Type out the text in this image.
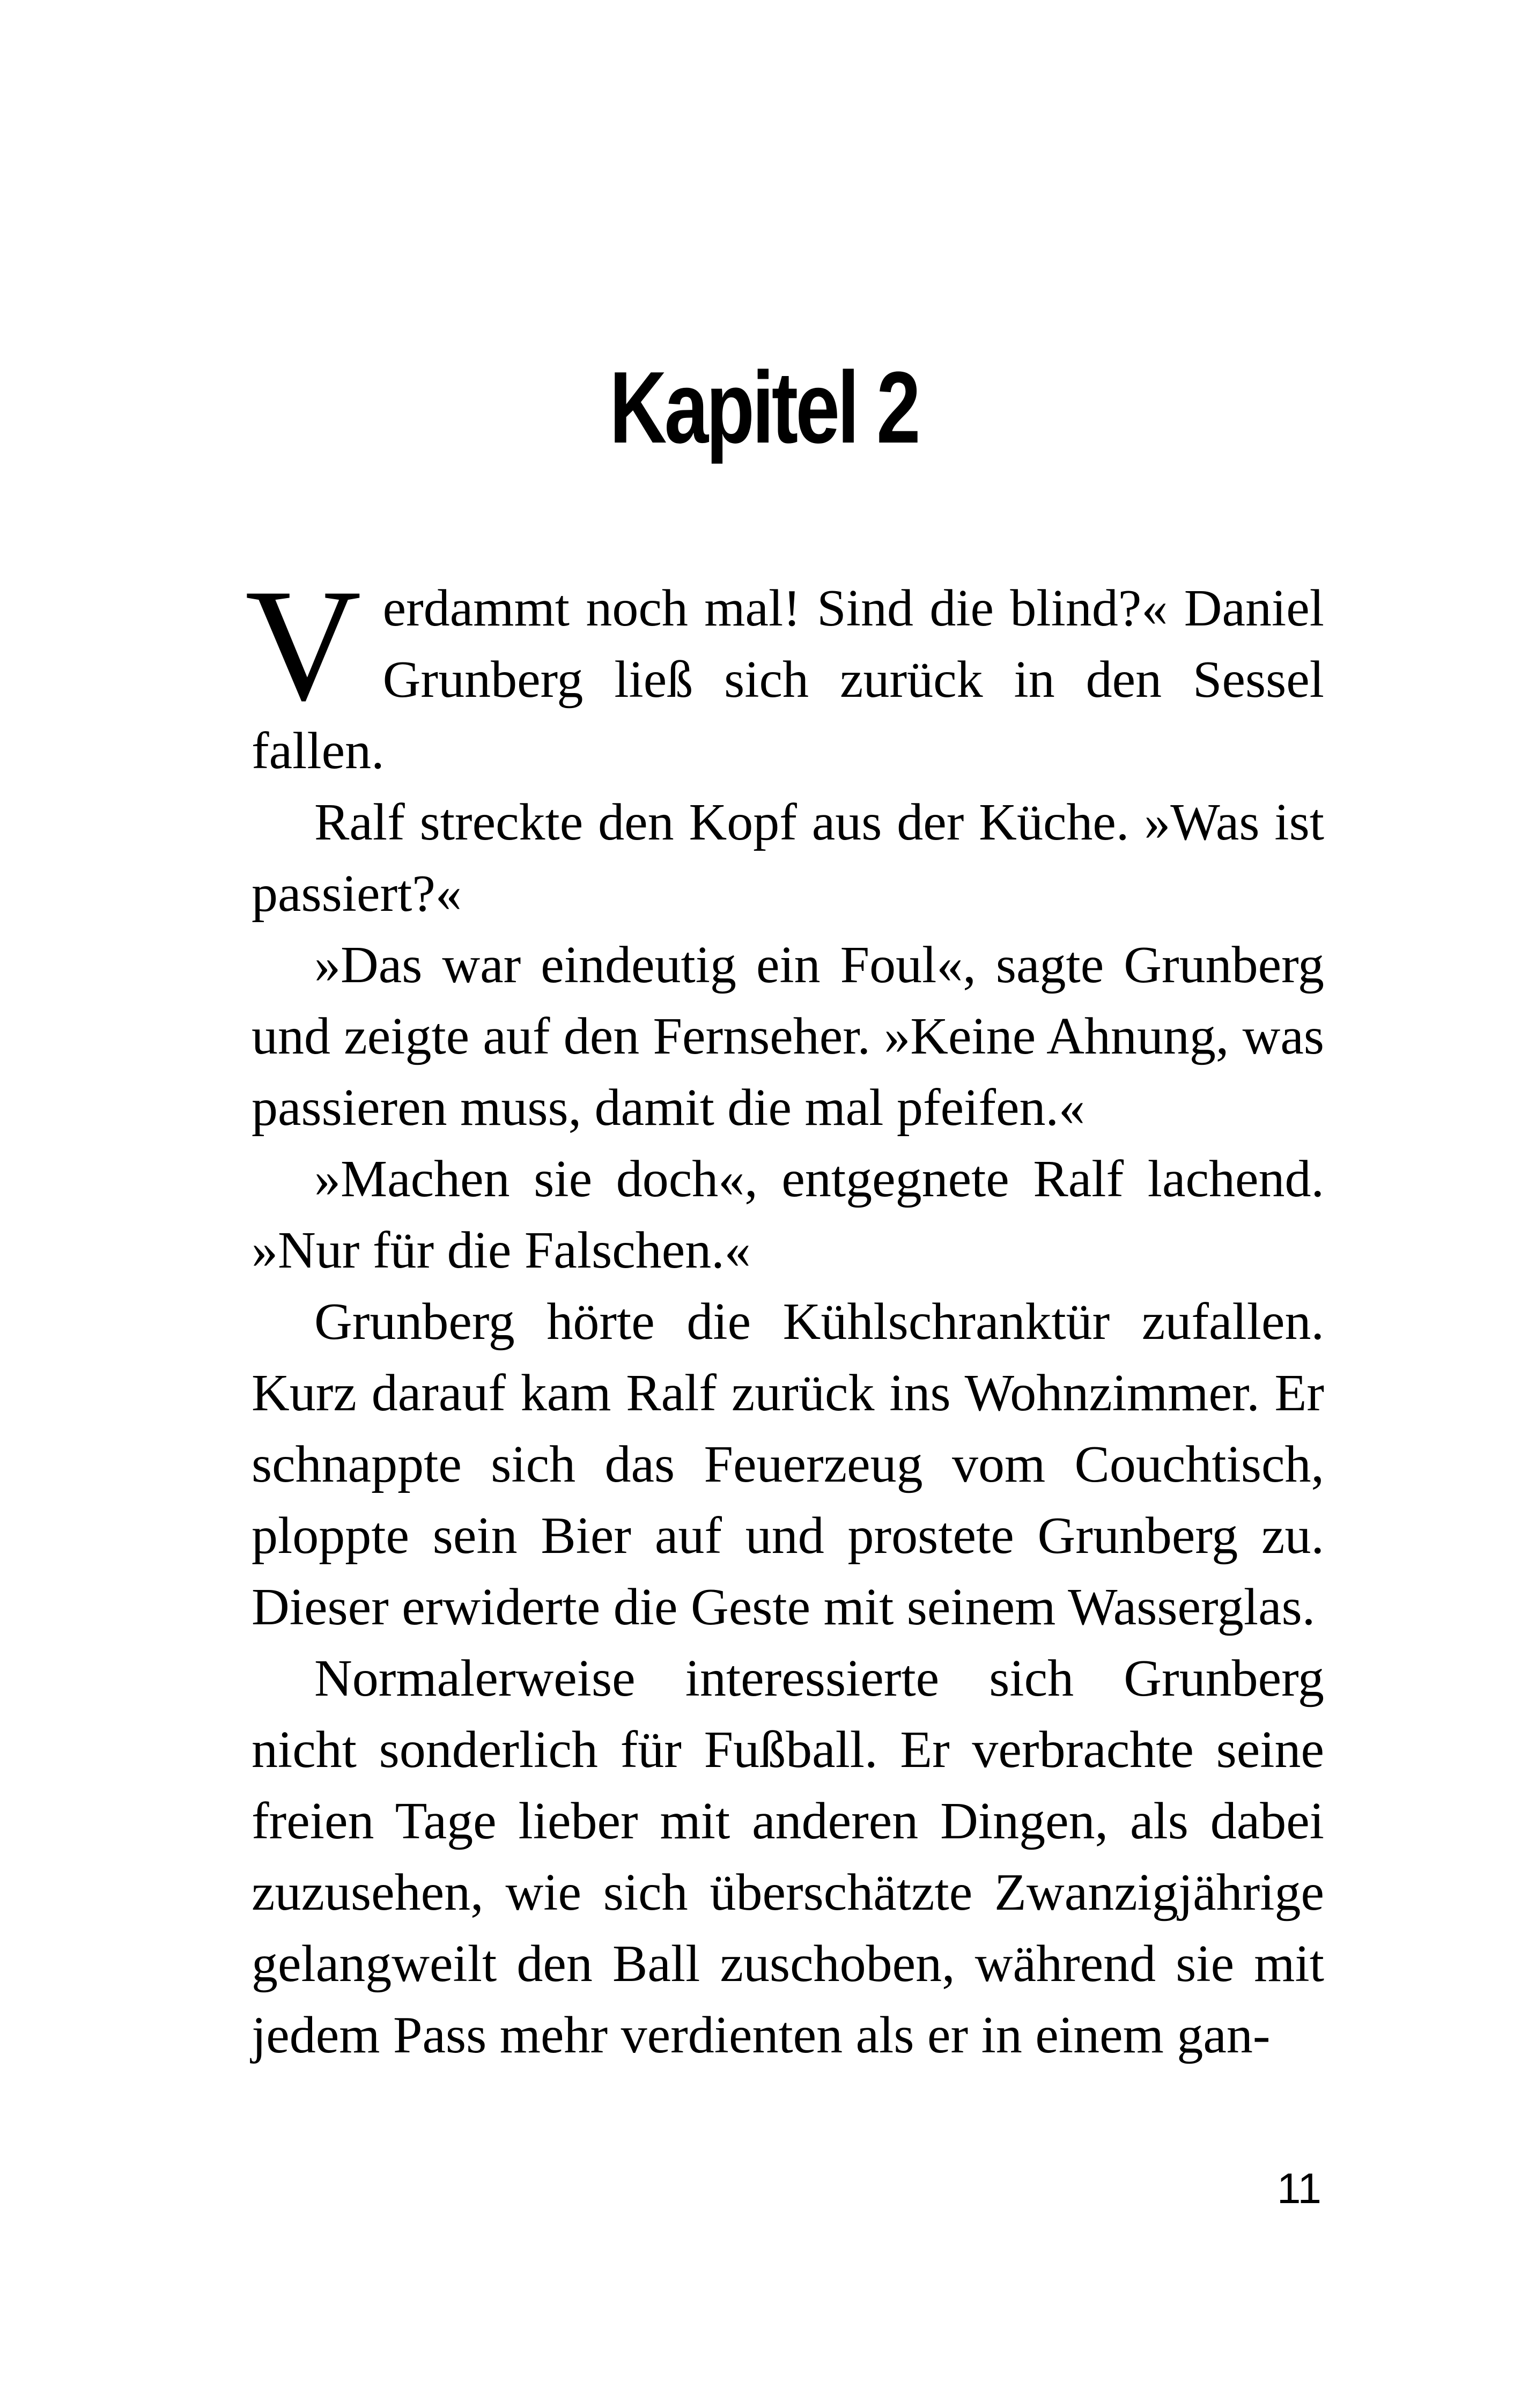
Kapitel 2

V erdammt noch mal! Sind die blind?« Daniel Grunberg ließ sich zurück in den Sessel fallen.

Ralf streckte den Kopf aus der Küche. »Was ist passiert?«

»Das war eindeutig ein Foul«, sagte Grunberg und zeigte auf den Fernseher. »Keine Ahnung, was passieren muss, damit die mal pfeifen.«

»Machen sie doch«, entgegnete Ralf lachend. »Nur für die Falschen.«

Grunberg hörte die Kühlschranktür zufallen. Kurz darauf kam Ralf zurück ins Wohnzimmer. Er schnappte sich das Feuerzeug vom Couchtisch, ploppte sein Bier auf und prostete Grunberg zu. Dieser erwiderte die Geste mit seinem Wasserglas.

Normalerweise interessierte sich Grunberg nicht sonderlich für Fußball. Er verbrachte seine freien Tage lieber mit anderen Dingen, als dabei zuzusehen, wie sich überschätzte Zwanzigjährige gelangweilt den Ball zuschoben, während sie mit jedem Pass mehr verdienten als er in einem gan-

11
